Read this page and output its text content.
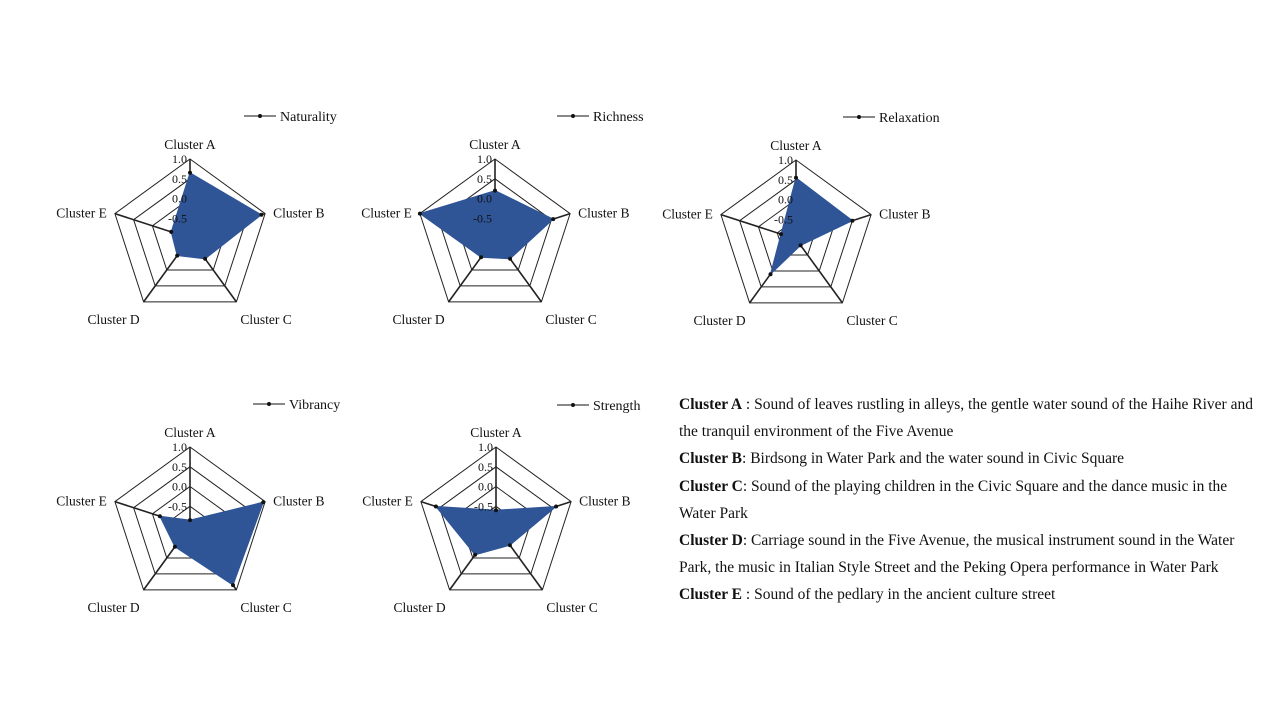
1.0
0.5
0.0
-0.5
Cluster A
Cluster B
Cluster C
Cluster D
Cluster E
Naturality
1.0
0.5
0.0
-0.5
Cluster A
Cluster B
Cluster C
Cluster D
Cluster E
Richness
1.0
0.5
0.0
-0.5
Cluster A
Cluster B
Cluster C
Cluster D
Cluster E
Relaxation
1.0
0.5
0.0
-0.5
Cluster A
Cluster B
Cluster C
Cluster D
Cluster E
Vibrancy
1.0
0.5
0.0
-0.5
Cluster A
Cluster B
Cluster C
Cluster D
Cluster E
Strength Cluster A : Sound of leaves rustling in alleys, the gentle water sound of the Haihe River and the tranquil environment of the Five Avenue

Cluster B: Birdsong in Water Park and the water sound in Civic Square

Cluster C: Sound of the playing children in the Civic Square and the dance music in the Water Park

Cluster D: Carriage sound in the Five Avenue, the musical instrument sound in the Water Park, the music in Italian Style Street and the Peking Opera performance in Water Park

Cluster E : Sound of the pedlary in the ancient culture street
